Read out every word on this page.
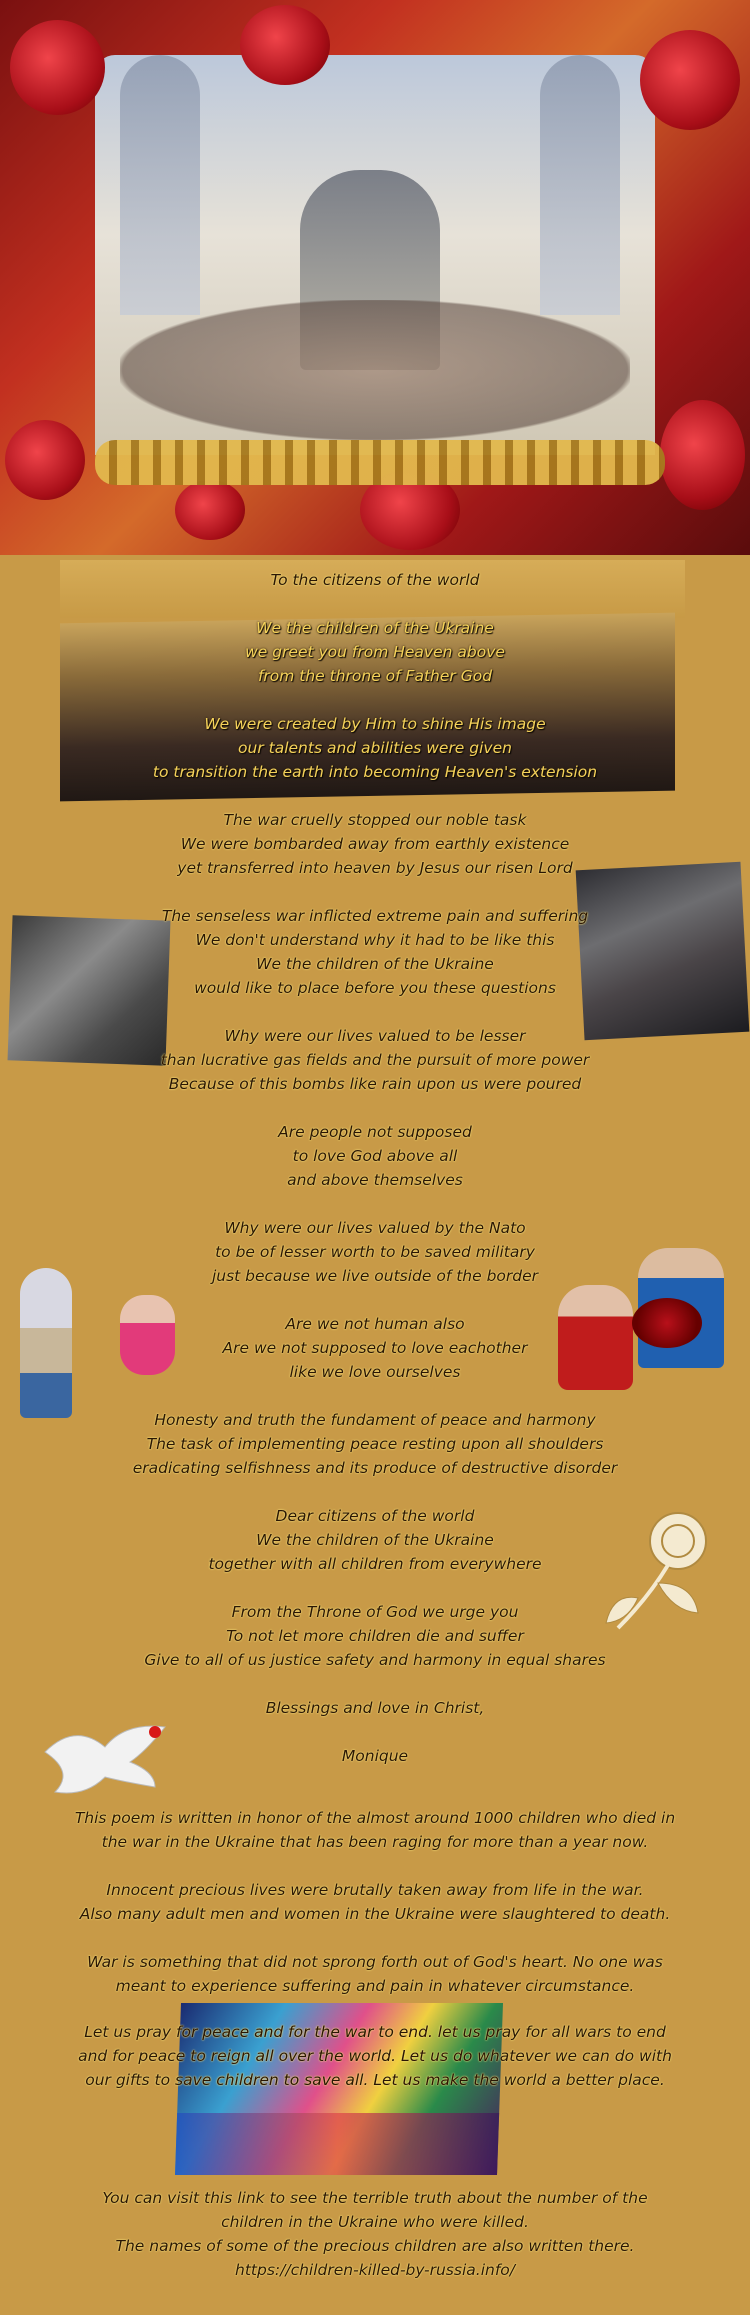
To the citizens of the world
We the children of the Ukraine
we greet you from Heaven above
from the throne of Father God
We were created by Him to shine His image
our talents and abilities were given
to transition the earth into becoming Heaven's extension
The war cruelly stopped our noble task
We were bombarded away from earthly existence
yet transferred into heaven by Jesus our risen Lord
The senseless war inflicted extreme pain and suffering
We don't understand why it had to be like this
We the children of the Ukraine
would like to place before you these questions
Why were our lives valued to be lesser
than lucrative gas fields and the pursuit of more power
Because of this bombs like rain upon us were poured
Are people not supposed
to love God above all
and above themselves
Why were our lives valued by the Nato
to be of lesser worth to be saved military
just because we live outside of the border
Are we not human also
Are we not supposed to love eachother
like we love ourselves
Honesty and truth the fundament of peace and harmony
The task of implementing peace resting upon all shoulders
eradicating selfishness and its produce of destructive disorder
Dear citizens of the world
We the children of the Ukraine
together with all children from everywhere
From the Throne of God we urge you
To not let more children die and suffer
Give to all of us justice safety and harmony in equal shares
Blessings and love in Christ,
Monique
This poem is written in honor of the almost around 1000 children who died in
the war in the Ukraine that has been raging for more than a year now.
Innocent precious lives were brutally taken away from life in the war.
Also many adult men and women in the Ukraine were slaughtered to death.
War is something that did not sprong forth out of God's heart. No one was
meant to experience suffering and pain in whatever circumstance.
Let us pray for peace and for the war to end. let us pray for all wars to end
and for peace to reign all over the world. Let us do whatever we can do with
our gifts to save children to save all. Let us make the world a better place.
You can visit this link to see the terrible truth about the number of the
children in the Ukraine who were killed.
The names of some of the precious children are also written there.
https://children-killed-by-russia.info/
